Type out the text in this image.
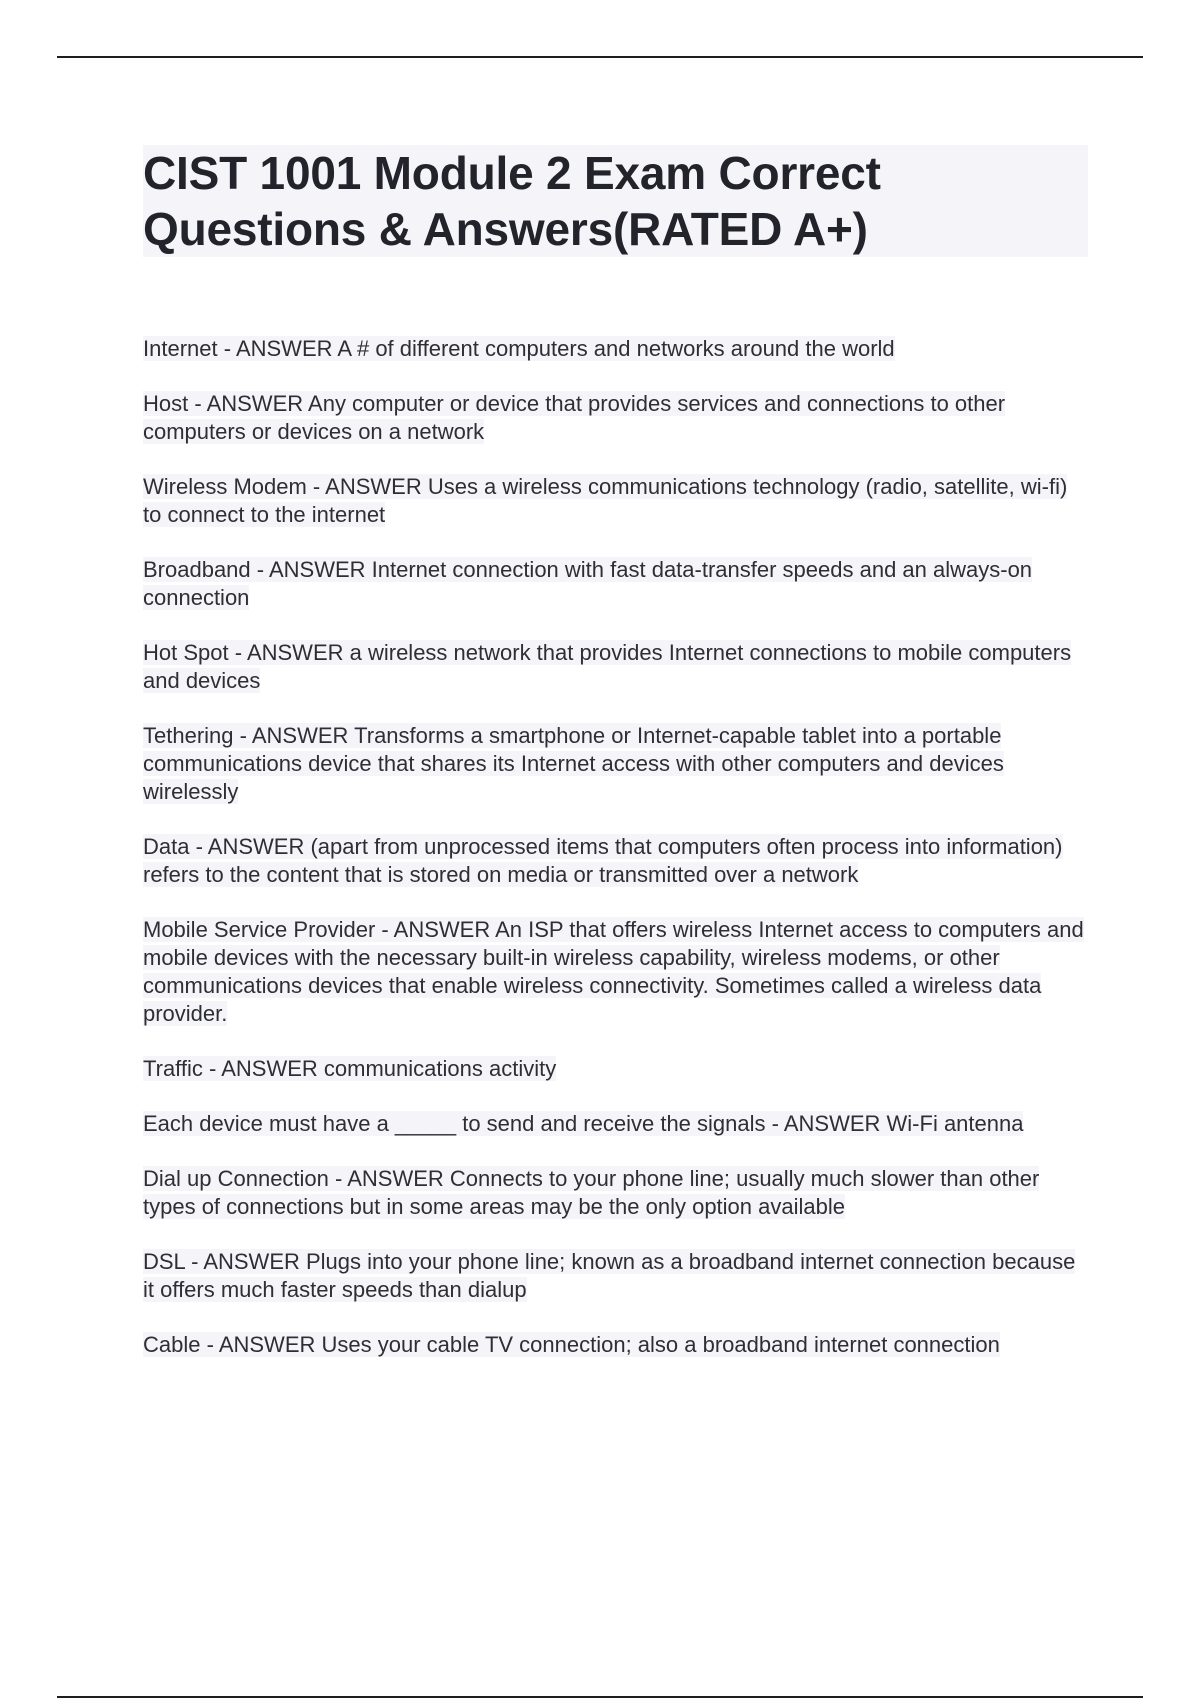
CIST 1001 Module 2 Exam Correct
Questions & Answers(RATED A+)
Internet - ANSWER A # of different computers and networks around the world
Host - ANSWER Any computer or device that provides services and connections to other computers or devices on a network
Wireless Modem - ANSWER Uses a wireless communications technology (radio, satellite, wi-fi) to connect to the internet
Broadband - ANSWER Internet connection with fast data-transfer speeds and an always-on connection
Hot Spot - ANSWER a wireless network that provides Internet connections to mobile computers and devices
Tethering - ANSWER Transforms a smartphone or Internet-capable tablet into a portable communications device that shares its Internet access with other computers and devices wirelessly
Data - ANSWER (apart from unprocessed items that computers often process into information) refers to the content that is stored on media or transmitted over a network
Mobile Service Provider - ANSWER An ISP that offers wireless Internet access to computers and mobile devices with the necessary built-in wireless capability, wireless modems, or other communications devices that enable wireless connectivity. Sometimes called a wireless data provider.
Traffic - ANSWER communications activity
Each device must have a _____ to send and receive the signals - ANSWER Wi-Fi antenna
Dial up Connection - ANSWER Connects to your phone line; usually much slower than other types of connections but in some areas may be the only option available
DSL - ANSWER Plugs into your phone line; known as a broadband internet connection because it offers much faster speeds than dialup
Cable - ANSWER Uses your cable TV connection; also a broadband internet connection
